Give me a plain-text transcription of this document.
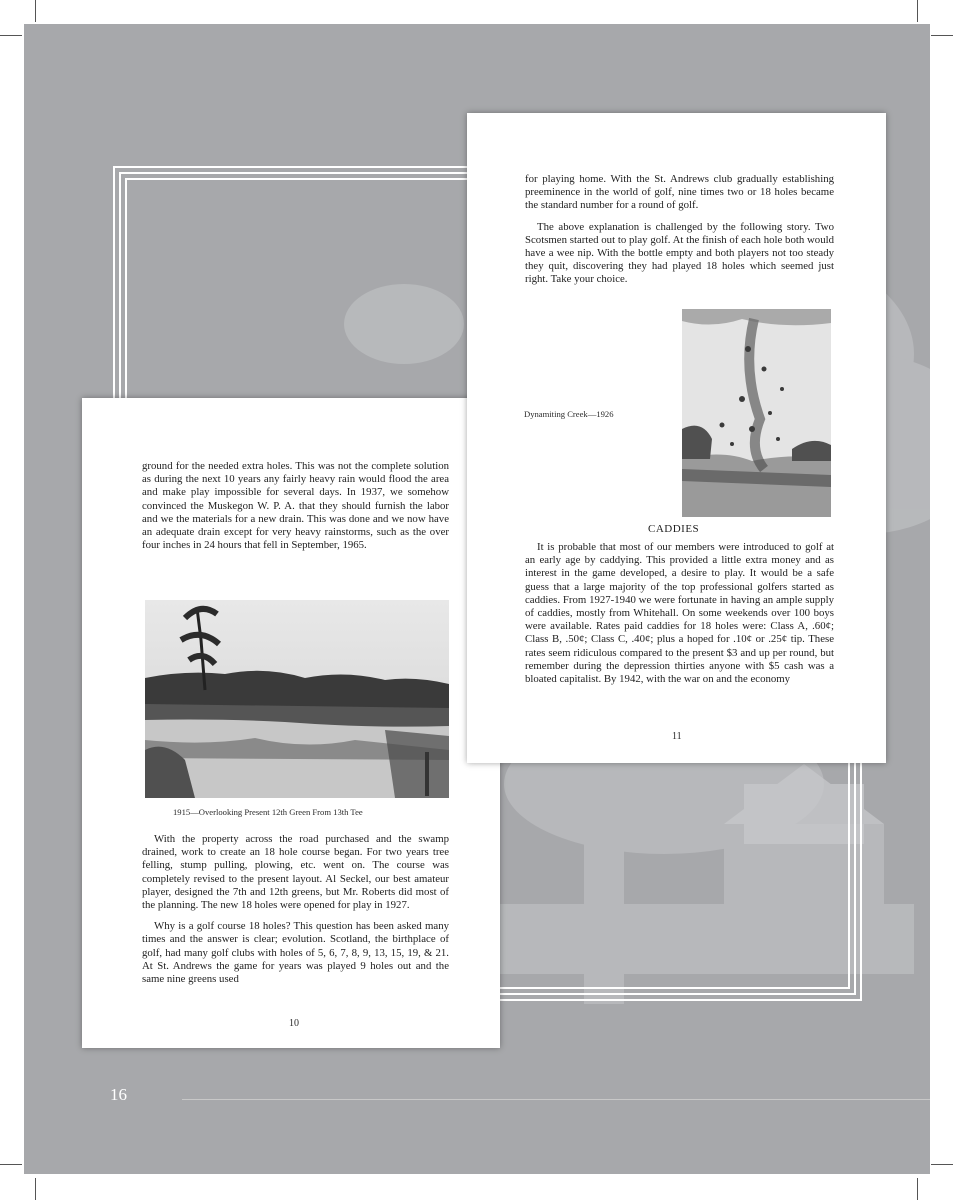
ground for the needed extra holes. This was not the complete solution as during the next 10 years any fairly heavy rain would flood the area and make play impossible for several days. In 1937, we somehow convinced the Muskegon W. P. A. that they should furnish the labor and we the materials for a new drain. This was done and we now have an adequate drain except for very heavy rainstorms, such as the over four inches in 24 hours that fell in September, 1965.

1915—Overlooking Present 12th Green From 13th Tee

With the property across the road purchased and the swamp drained, work to create an 18 hole course began. For two years tree felling, stump pulling, plowing, etc. went on. The course was completely revised to the present layout. Al Seckel, our best amateur player, designed the 7th and 12th greens, but Mr. Roberts did most of the planning. The new 18 holes were opened for play in 1927.

Why is a golf course 18 holes? This question has been asked many times and the answer is clear; evolution. Scotland, the birthplace of golf, had many golf clubs with holes of 5, 6, 7, 8, 9, 13, 15, 19, & 21. At St. Andrews the game for years was played 9 holes out and the same nine greens used

10

for playing home. With the St. Andrews club gradually establishing preeminence in the world of golf, nine times two or 18 holes became the standard number for a round of golf.

The above explanation is challenged by the following story. Two Scotsmen started out to play golf. At the finish of each hole both would have a wee nip. With the bottle empty and both players not too steady they quit, discovering they had played 18 holes which seemed just right. Take your choice.

Dynamiting Creek—1926
CADDIES

It is probable that most of our members were introduced to golf at an early age by caddying. This provided a little extra money and as interest in the game developed, a desire to play. It would be a safe guess that a large majority of the top professional golfers started as caddies. From 1927-1940 we were fortunate in having an ample supply of caddies, mostly from Whitehall. On some weekends over 100 boys were available. Rates paid caddies for 18 holes were: Class A, .60¢; Class B, .50¢; Class C, .40¢; plus a hoped for .10¢ or .25¢ tip. These rates seem ridiculous compared to the present $3 and up per round, but remember during the depression thirties anyone with $5 cash was a bloated capitalist. By 1942, with the war on and the economy

11
16
